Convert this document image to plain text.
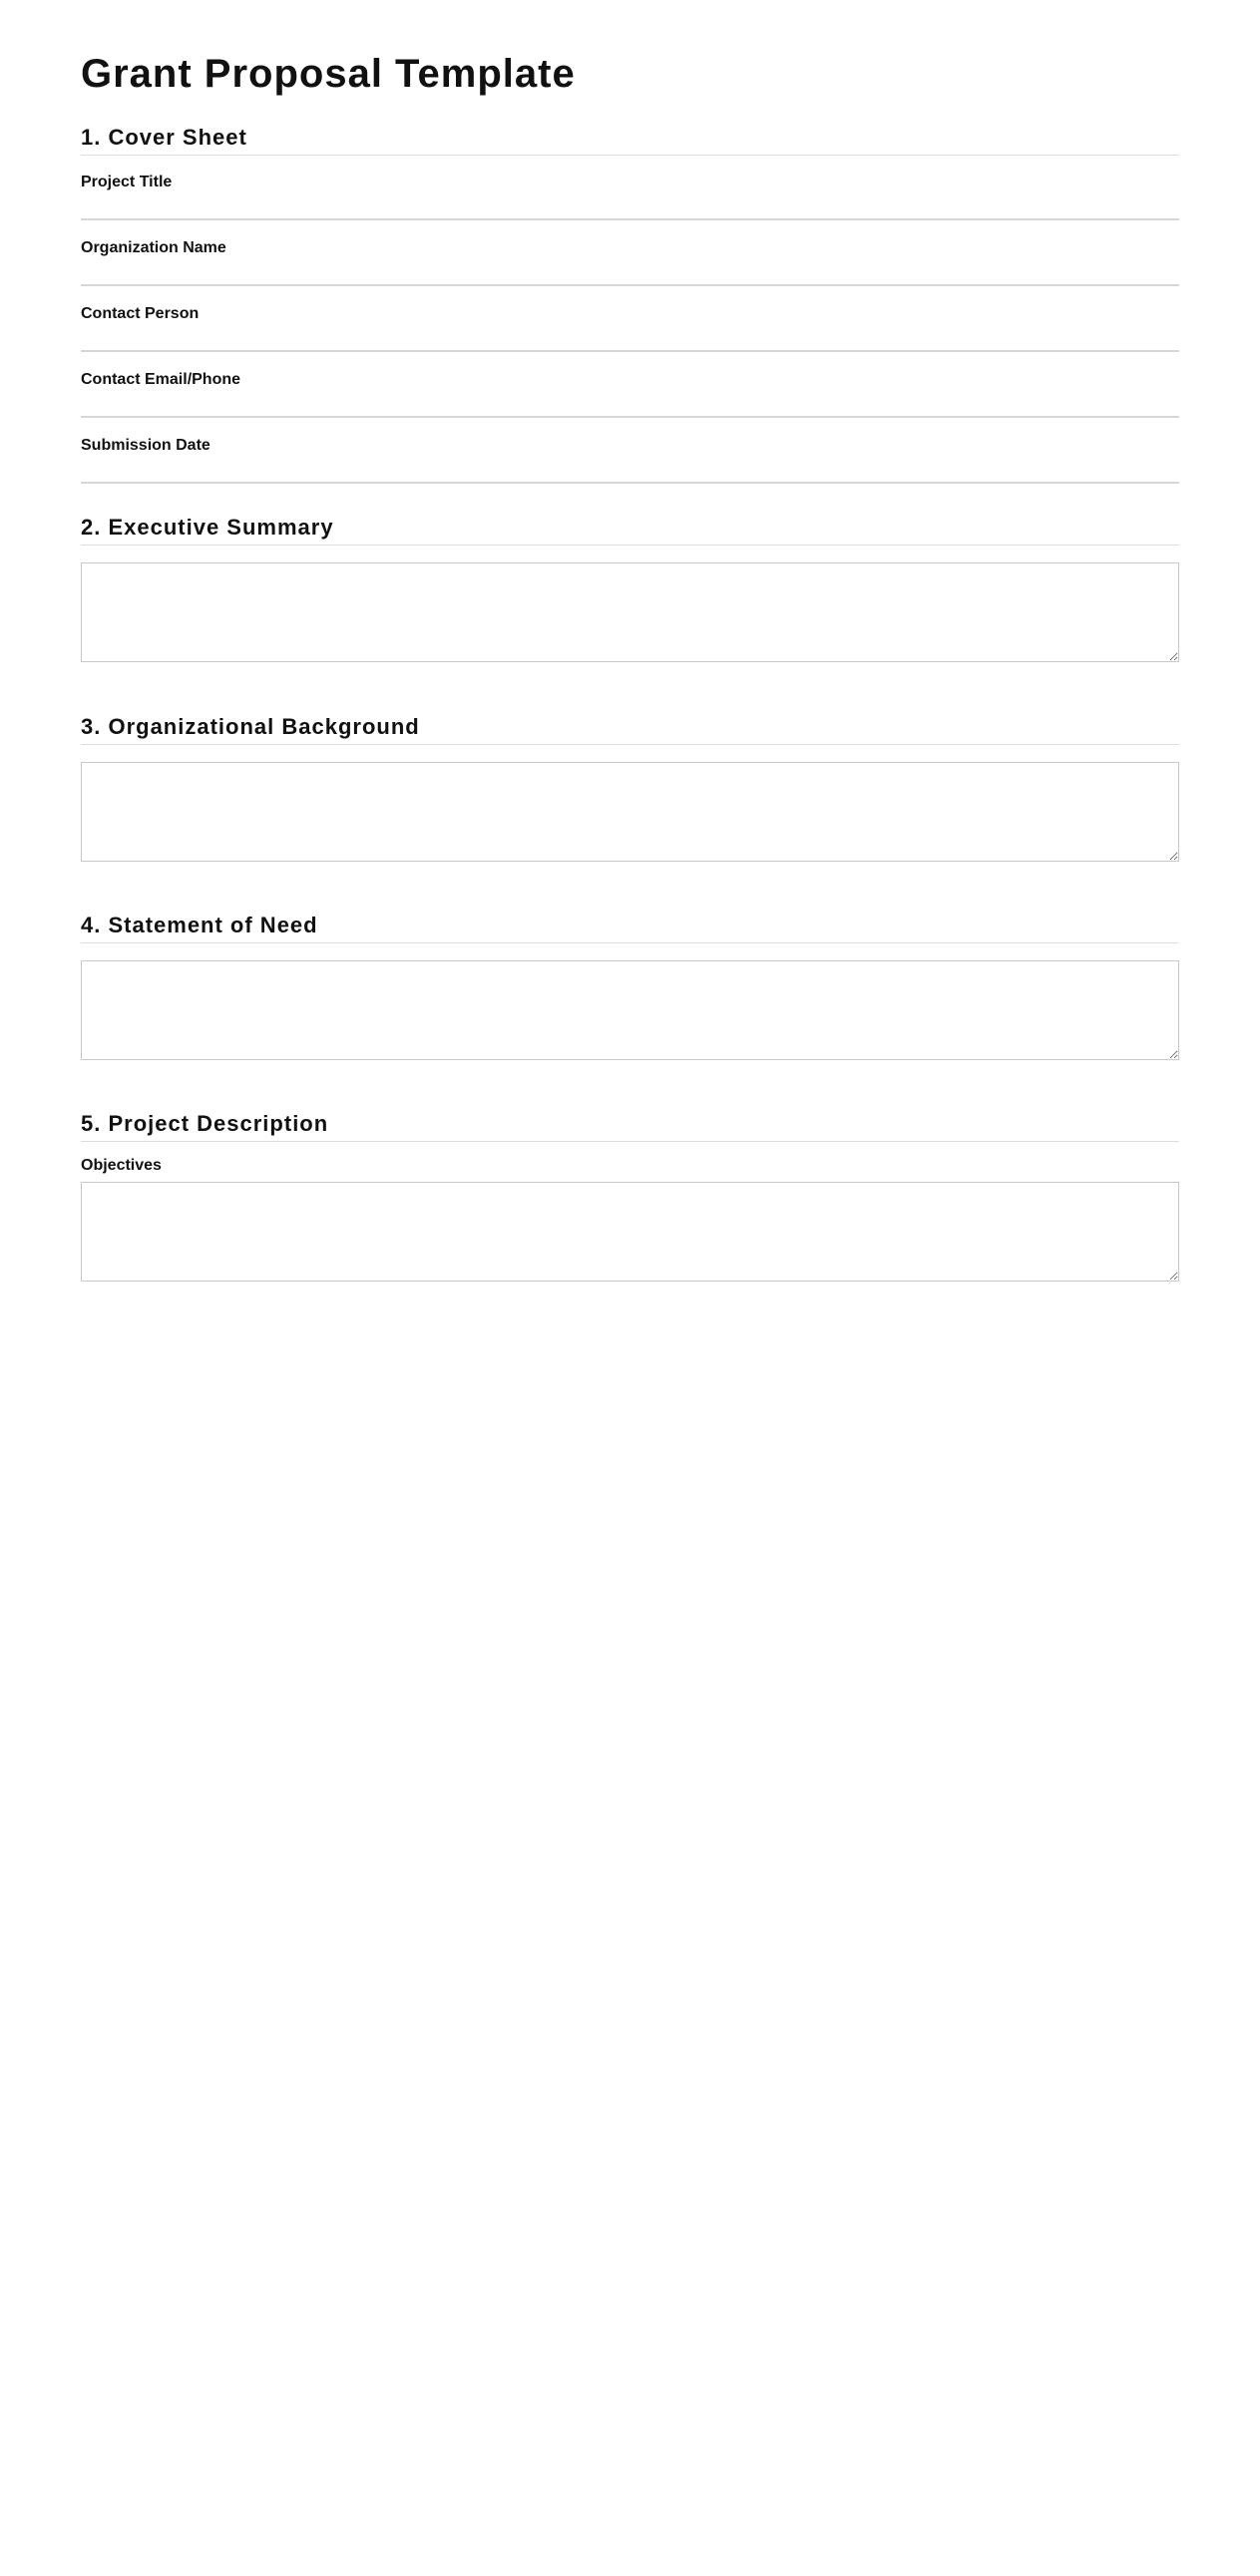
Grant Proposal Template
1. Cover Sheet
Project Title
Organization Name
Contact Person
Contact Email/Phone
Submission Date
2. Executive Summary
3. Organizational Background
4. Statement of Need
5. Project Description
Objectives
